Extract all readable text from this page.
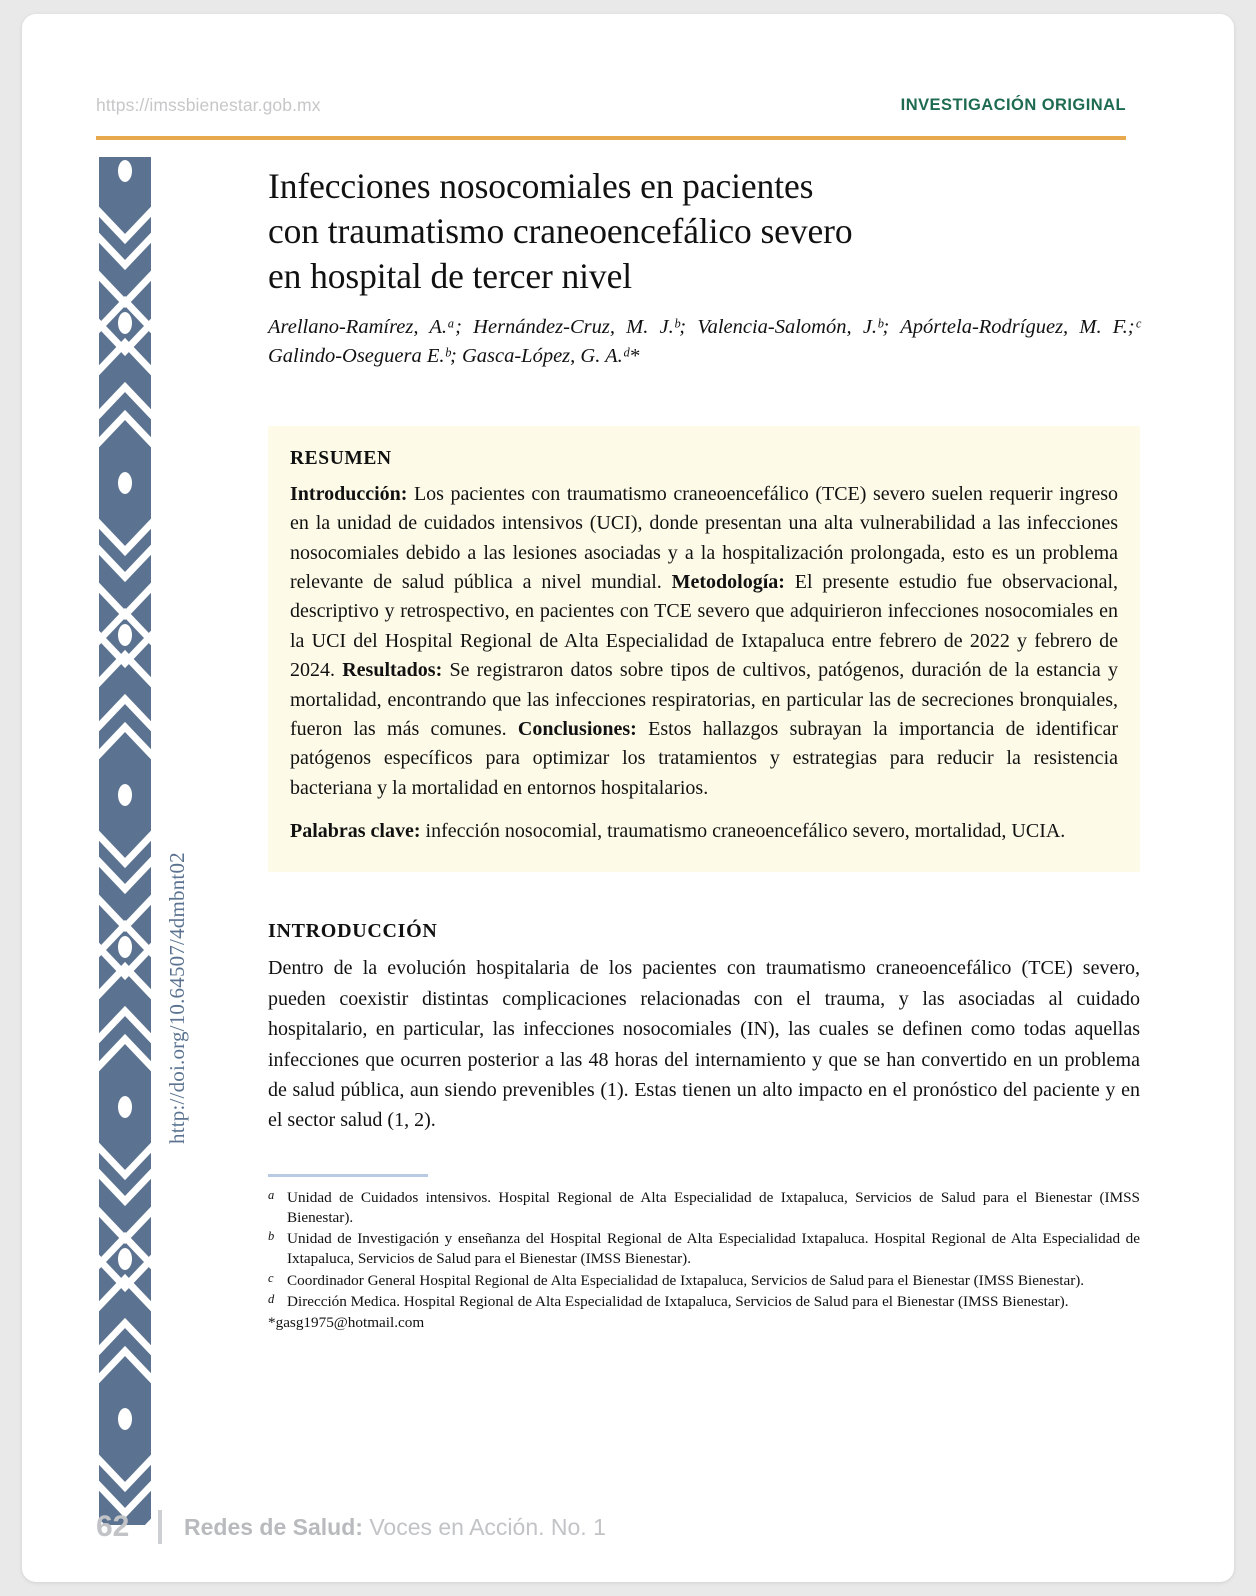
https://imssbienestar.gob.mx	INVESTIGACIÓN ORIGINAL
http://doi.org/10.64507/4dmbnt02
Infecciones nosocomiales en pacientes
con traumatismo craneoencefálico severo
en hospital de tercer nivel

Arellano-Ramírez, A.ᵃ; Hernández-Cruz, M. J.ᵇ; Valencia-Salomón, J.ᵇ; Apórtela-Rodríguez, M. F.;ᶜ Galindo-Oseguera E.ᵇ; Gasca-López, G. A.ᵈ*

RESUMEN

Introducción: Los pacientes con traumatismo craneoencefálico (TCE) severo suelen requerir ingreso en la unidad de cuidados intensivos (UCI), donde presentan una alta vulnerabilidad a las infecciones nosocomiales debido a las lesiones asociadas y a la hospitalización prolongada, esto es un problema relevante de salud pública a nivel mundial. Metodología: El presente estudio fue observacional, descriptivo y retrospectivo, en pacientes con TCE severo que adquirieron infecciones nosocomiales en la UCI del Hospital Regional de Alta Especialidad de Ixtapaluca entre febrero de 2022 y febrero de 2024. Resultados: Se registraron datos sobre tipos de cultivos, patógenos, duración de la estancia y mortalidad, encontrando que las infecciones respiratorias, en particular las de secreciones bronquiales, fueron las más comunes. Conclusiones: Estos hallazgos subrayan la importancia de identificar patógenos específicos para optimizar los tratamientos y estrategias para reducir la resistencia bacteriana y la mortalidad en entornos hospitalarios.

Palabras clave: infección nosocomial, traumatismo craneoencefálico severo, mortalidad, UCIA.

INTRODUCCIÓN

Dentro de la evolución hospitalaria de los pacientes con traumatismo craneoencefálico (TCE) severo, pueden coexistir distintas complicaciones relacionadas con el trauma, y las asociadas al cuidado hospitalario, en particular, las infecciones nosocomiales (IN), las cuales se definen como todas aquellas infecciones que ocurren posterior a las 48 horas del internamiento y que se han convertido en un problema de salud pública, aun siendo prevenibles (1). Estas tienen un alto impacto en el pronóstico del paciente y en el sector salud (1, 2).

a Unidad de Cuidados intensivos. Hospital Regional de Alta Especialidad de Ixtapaluca, Servicios de Salud para el Bienestar (IMSS Bienestar).
b Unidad de Investigación y enseñanza del Hospital Regional de Alta Especialidad Ixtapaluca. Hospital Regional de Alta Especialidad de Ixtapaluca, Servicios de Salud para el Bienestar (IMSS Bienestar).
c Coordinador General Hospital Regional de Alta Especialidad de Ixtapaluca, Servicios de Salud para el Bienestar (IMSS Bienestar).
d Dirección Medica. Hospital Regional de Alta Especialidad de Ixtapaluca, Servicios de Salud para el Bienestar (IMSS Bienestar).
*gasg1975@hotmail.com
62	Redes de Salud: Voces en Acción. No. 1
